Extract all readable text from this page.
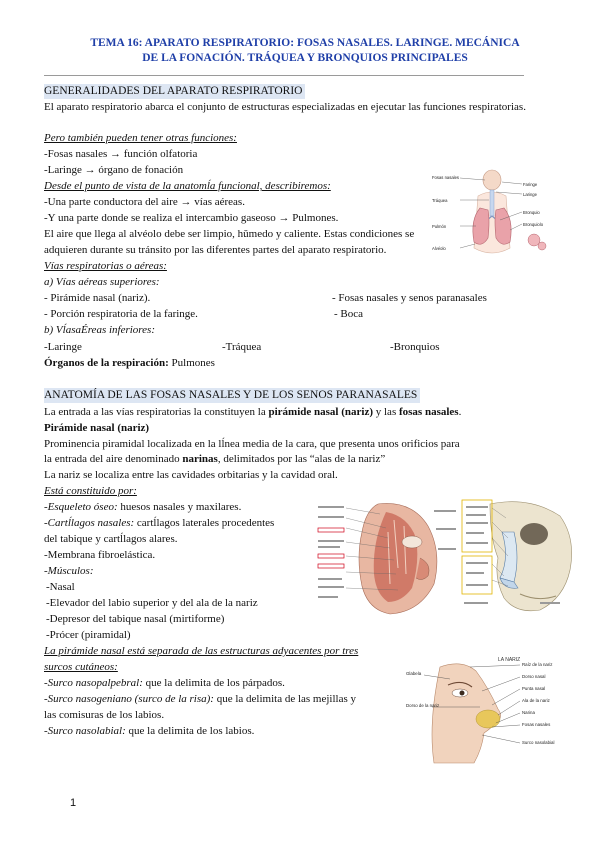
TEMA 16: APARATO RESPIRATORIO: FOSAS NASALES. LARINGE. MECÁNICA
DE LA FONACIÓN. TRÁQUEA Y BRONQUIOS PRINCIPALES
GENERALIDADES DEL APARATO RESPIRATORIO
El aparato respiratorio abarca el conjunto de estructuras especializadas en ejecutar las funciones respiratorias.
Pero también pueden tener otras funciones:
-Fosas nasales → función olfatoria
-Laringe → órgano de fonación
Desde el punto de vista de la anatomĺa funcional, describiremos:
-Una parte conductora del aire → vías aéreas.
-Y una parte donde se realiza el intercambio gaseoso → Pulmones.
El aire que llega al alvéolo debe ser limpio, hŭmedo y caliente. Estas condiciones se
adquieren durante su tránsito por las diferentes partes del aparato respiratorio.
Vías respiratorias o aéreas:
a) Vías aéreas superiores:
- Pirámide nasal (nariz).	- Fosas nasales y senos paranasales
- Porción respiratoria de la faringe.	- Boca
b) VĺasaÉreas inferiores:
-Laringe	-Tráquea	-Bronquios
Órganos de la respiración: Pulmones
Fosas nasales
Faringe
Laringe
Tráquea
Bronquio
Pulmón	Bronquiolo
Alvéolo
ANATOMÍA DE LAS FOSAS NASALES Y DE LOS SENOS PARANASALES
La entrada a las vías respiratorias la constituyen la pirámide nasal (nariz) y las fosas nasales.
Pirámide nasal (nariz)
Prominencia piramidal localizada en la lĺnea media de la cara, que presenta unos orificios para
la entrada del aire denominado narinas, delimitados por las “alas de la nariz”
La nariz se localiza entre las cavidades orbitarias y la cavidad oral.
Está constituido por:
-Esqueleto óseo: huesos nasales y maxilares.
-Cartĺlagos nasales: cartĺlagos laterales procedentes
del tabique y cartĺlagos alares.
-Membrana fibroelástica.
-Músculos:
-Nasal
-Elevador del labio superior y del ala de la nariz
-Depresor del tabique nasal (mirtiforme)
-Prócer (piramidal)
La pirámide nasal está separada de las estructuras adyacentes por tres
surcos cutáneos:
-Surco nasopalpebral: que la delimita de los párpados.
-Surco nasogeniano (surco de la risa): que la delimita de las mejillas y
las comisuras de los labios.
-Surco nasolabial: que la delimita de los labios.
LA NARIZ
Glabela
Dorso de la nariz
Raíz de la nariz
Dorso nasal
Punta nasal
Ala de la nariz
Narina
Fosas nasales
Surco nasolabial
1
